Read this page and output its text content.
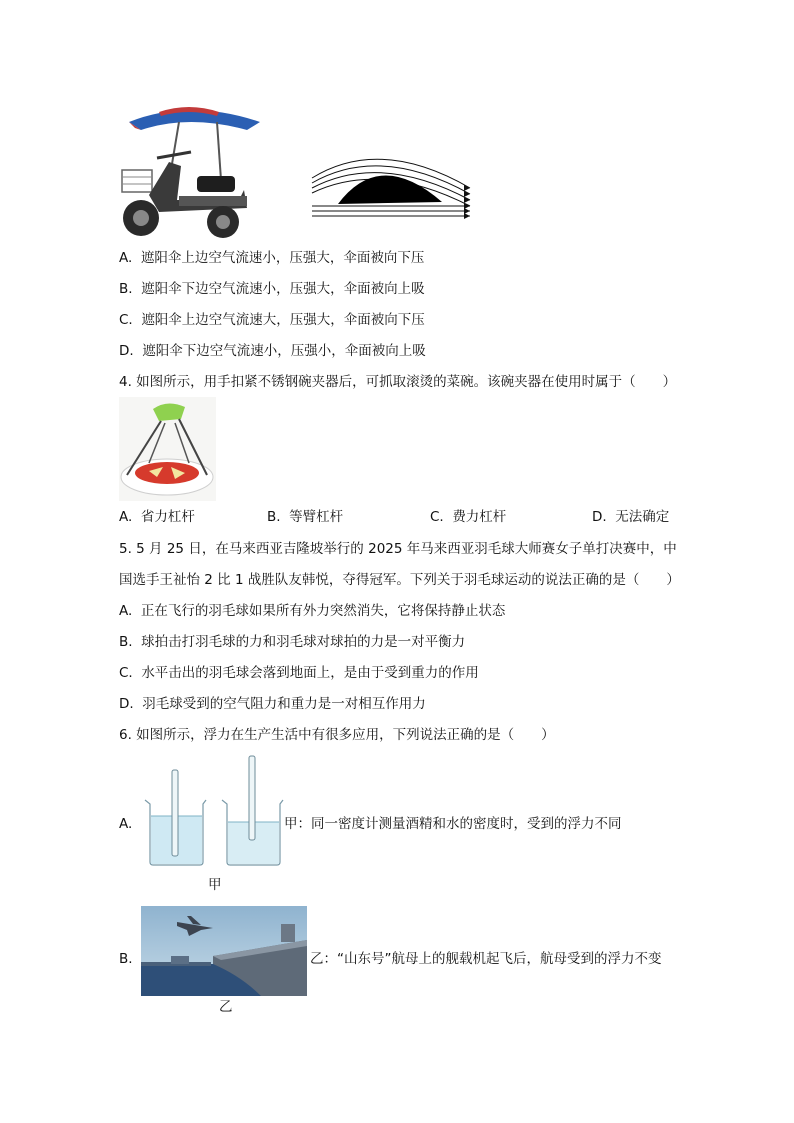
A. 遮阳伞上边空气流速小，压强大，伞面被向下压
B. 遮阳伞下边空气流速小，压强大，伞面被向上吸
C. 遮阳伞上边空气流速大，压强大，伞面被向下压
D. 遮阳伞下边空气流速小，压强小，伞面被向上吸
4. 如图所示，用手扣紧不锈钢碗夹器后，可抓取滚烫的菜碗。该碗夹器在使用时属于（　　）
A. 省力杠杆	B. 等臂杠杆	C. 费力杠杆	D. 无法确定
5. 5 月 25 日，在马来西亚吉隆坡举行的 2025 年马来西亚羽毛球大师赛女子单打决赛中，中
国选手王祉怡 2 比 1 战胜队友韩悦，夺得冠军。下列关于羽毛球运动的说法正确的是（　　）
A. 正在飞行的羽毛球如果所有外力突然消失，它将保持静止状态
B. 球拍击打羽毛球的力和羽毛球对球拍的力是一对平衡力
C. 水平击出的羽毛球会落到地面上，是由于受到重力的作用
D. 羽毛球受到的空气阻力和重力是一对相互作用力
6. 如图所示，浮力在生产生活中有很多应用，下列说法正确的是（　　）
A.	甲：同一密度计测量酒精和水的密度时，受到的浮力不同
甲
B.	乙：“山东号”航母上的舰载机起飞后，航母受到的浮力不变
乙
